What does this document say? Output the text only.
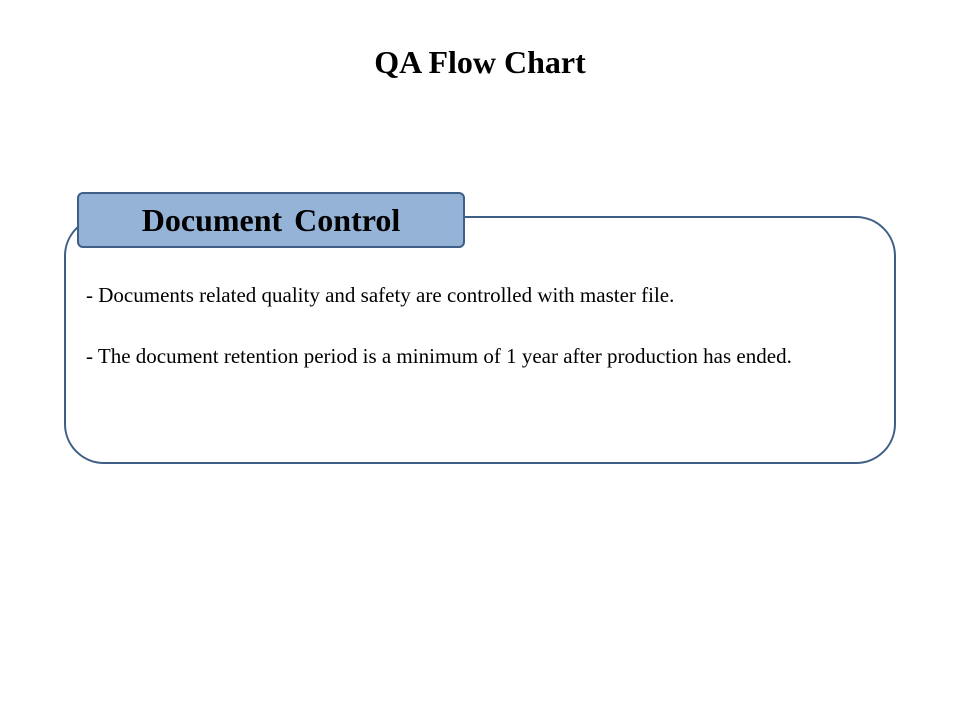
QA Flow Chart
Document Control

- Documents related quality and safety are controlled with master file.

- The document retention period is a minimum of 1 year after production has ended.
